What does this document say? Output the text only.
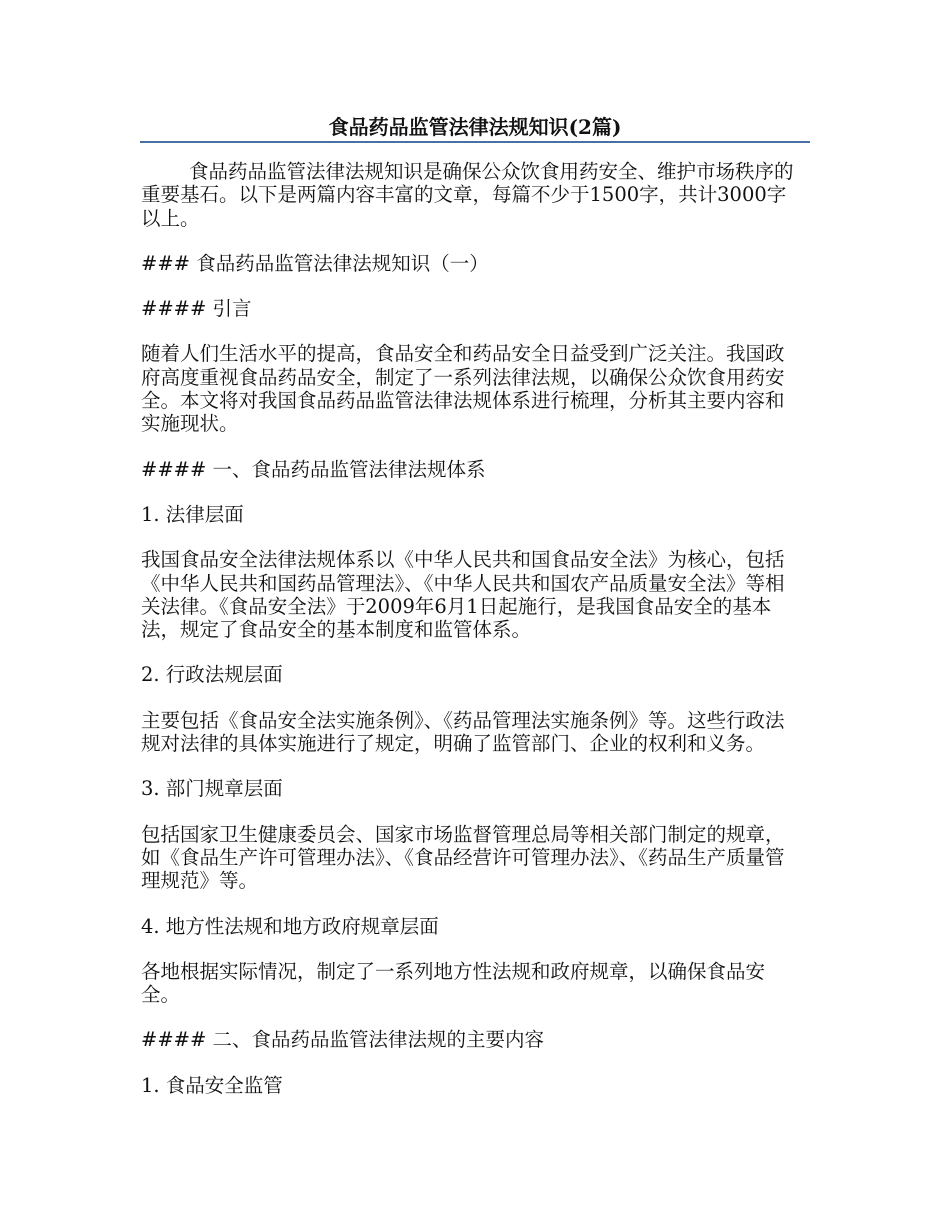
食品药品监管法律法规知识(2篇)

食品药品监管法律法规知识是确保公众饮食用药安全、维护市场秩序的重要基石。以下是两篇内容丰富的文章，每篇不少于1500字，共计3000字以上。

### 食品药品监管法律法规知识（一）

#### 引言

随着人们生活水平的提高，食品安全和药品安全日益受到广泛关注。我国政府高度重视食品药品安全，制定了一系列法律法规，以确保公众饮食用药安全。本文将对我国食品药品监管法律法规体系进行梳理，分析其主要内容和实施现状。

#### 一、食品药品监管法律法规体系

1. 法律层面

我国食品安全法律法规体系以《中华人民共和国食品安全法》为核心，包括《中华人民共和国药品管理法》、《中华人民共和国农产品质量安全法》等相关法律。《食品安全法》于2009年6月1日起施行，是我国食品安全的基本法，规定了食品安全的基本制度和监管体系。

2. 行政法规层面

主要包括《食品安全法实施条例》、《药品管理法实施条例》等。这些行政法规对法律的具体实施进行了规定，明确了监管部门、企业的权利和义务。

3. 部门规章层面

包括国家卫生健康委员会、国家市场监督管理总局等相关部门制定的规章，如《食品生产许可管理办法》、《食品经营许可管理办法》、《药品生产质量管理规范》等。

4. 地方性法规和地方政府规章层面

各地根据实际情况，制定了一系列地方性法规和政府规章，以确保食品安全。

#### 二、食品药品监管法律法规的主要内容

1. 食品安全监管
